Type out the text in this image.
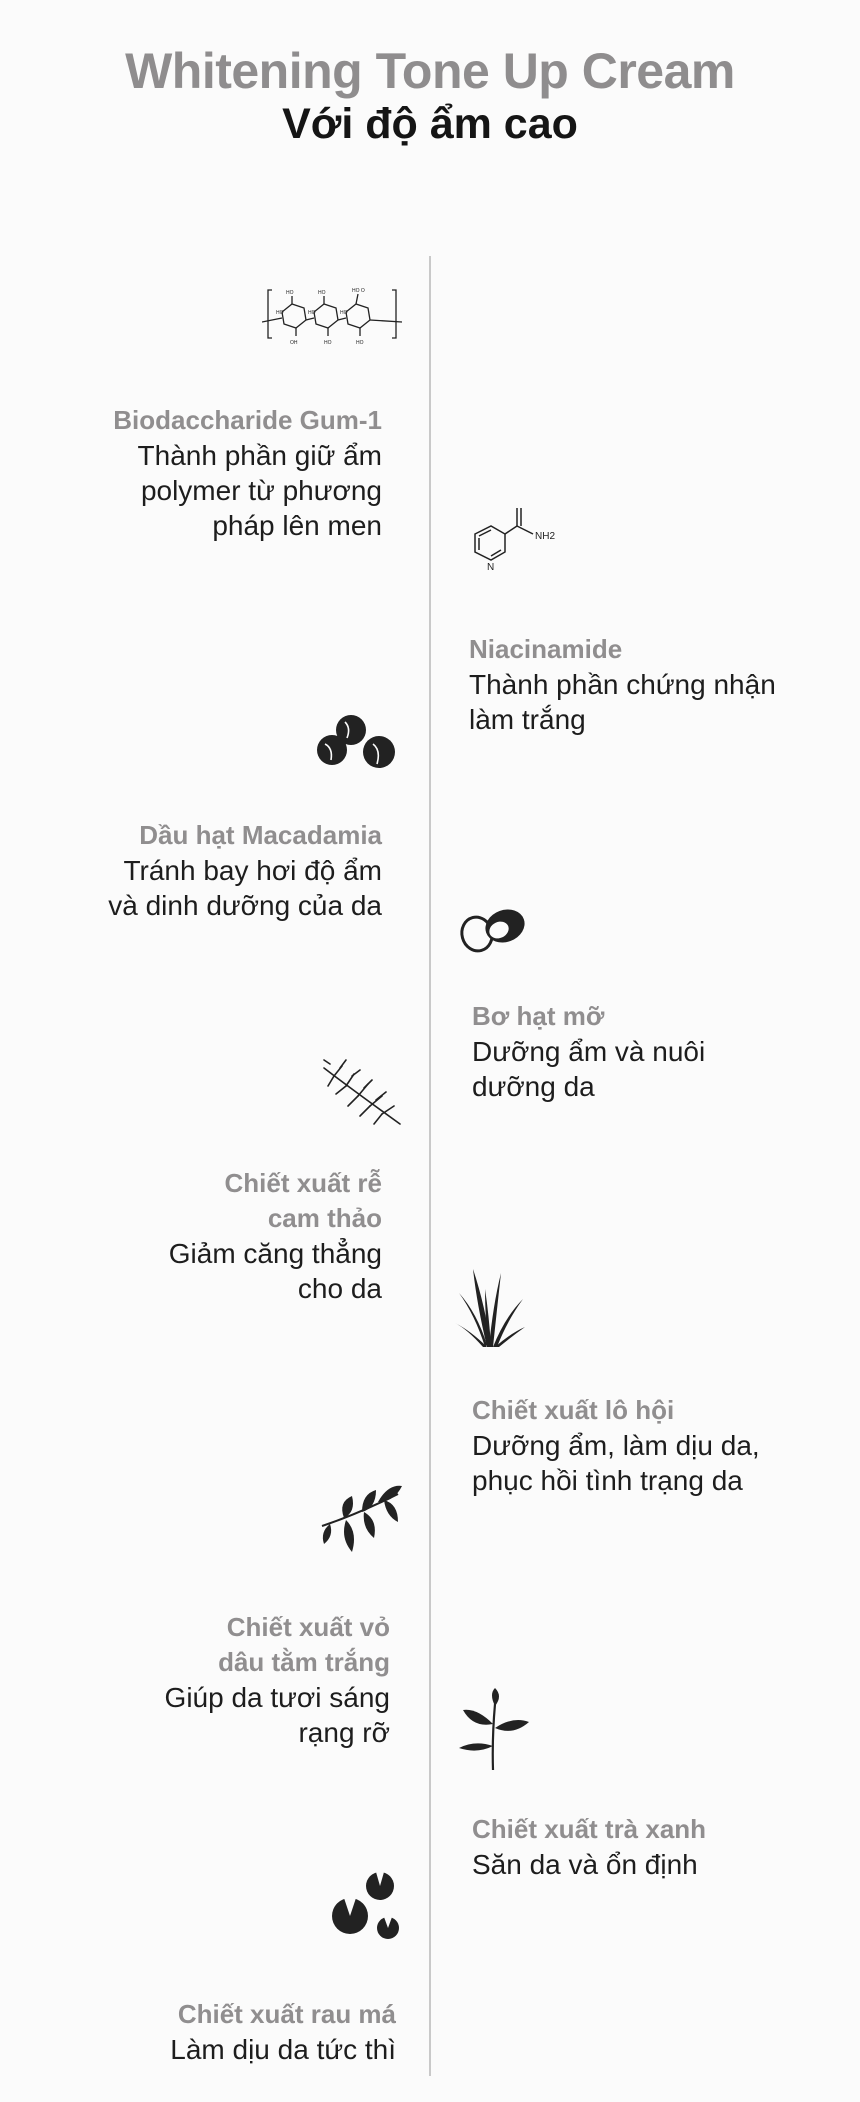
Whitening Tone Up Cream
Với độ ẩm cao
HO	HO	HO O
HO	HO	HO
OH	HO	HO
Biodaccharide Gum-1
Thành phần giữ ẩm
polymer từ phương
pháp lên men	NH2
N
Niacinamide
Thành phần chứng nhận
làm trắng
Dầu hạt Macadamia
Tránh bay hơi độ ẩm
và dinh dưỡng của da
Bơ hạt mỡ
Dưỡng ẩm và nuôi
dưỡng da
Chiết xuất rễ
cam thảo
Giảm căng thẳng
cho da
Chiết xuất lô hội
Dưỡng ẩm, làm dịu da,
phục hồi tình trạng da
Chiết xuất vỏ
dâu tằm trắng
Giúp da tươi sáng
rạng rỡ
Chiết xuất trà xanh
Săn da và ổn định
Chiết xuất rau má
Làm dịu da tức thì
